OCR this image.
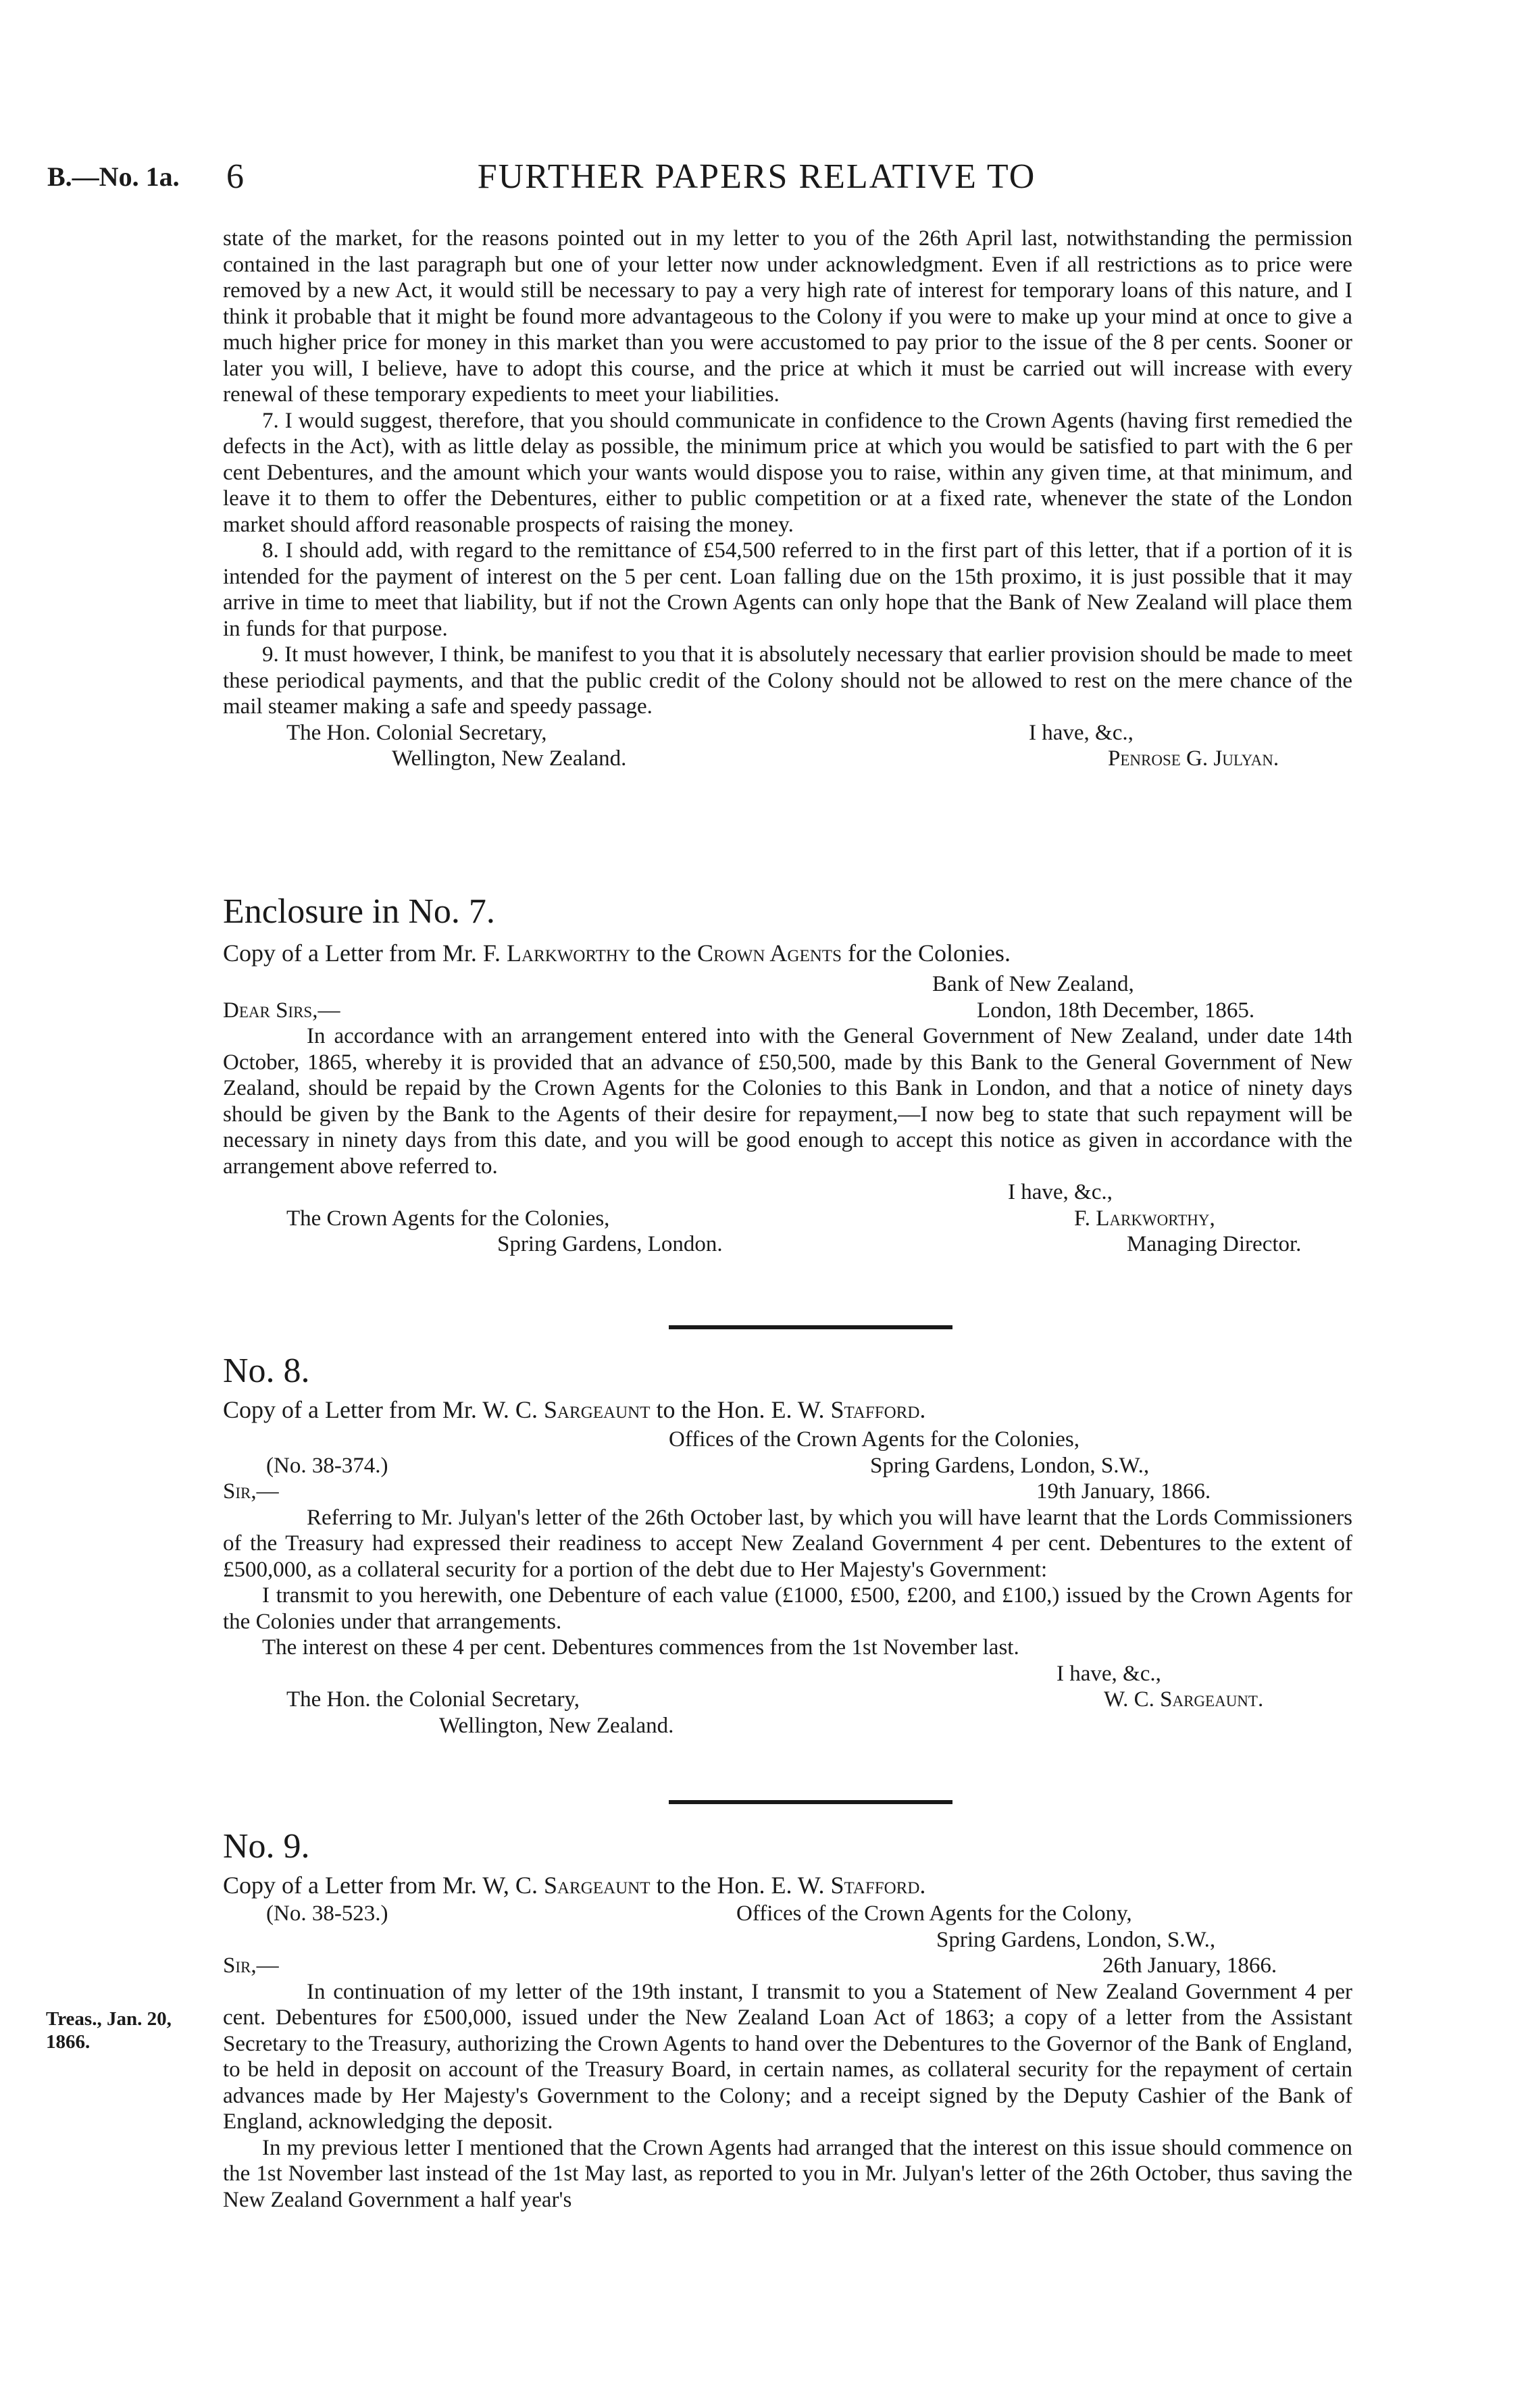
B.—No. 1a. 6	FURTHER PAPERS RELATIVE TO

state of the market, for the reasons pointed out in my letter to you of the 26th April last, notwithstanding the permission contained in the last paragraph but one of your letter now under acknowledgment. Even if all restrictions as to price were removed by a new Act, it would still be necessary to pay a very high rate of interest for temporary loans of this nature, and I think it probable that it might be found more advantageous to the Colony if you were to make up your mind at once to give a much higher price for money in this market than you were accustomed to pay prior to the issue of the 8 per cents. Sooner or later you will, I believe, have to adopt this course, and the price at which it must be carried out will increase with every renewal of these temporary expedients to meet your liabilities.

7. I would suggest, therefore, that you should communicate in confidence to the Crown Agents (having first remedied the defects in the Act), with as little delay as possible, the minimum price at which you would be satisfied to part with the 6 per cent Debentures, and the amount which your wants would dispose you to raise, within any given time, at that minimum, and leave it to them to offer the Debentures, either to public competition or at a fixed rate, whenever the state of the London market should afford reasonable prospects of raising the money.

8. I should add, with regard to the remittance of £54,500 referred to in the first part of this letter, that if a portion of it is intended for the payment of interest on the 5 per cent. Loan falling due on the 15th proximo, it is just possible that it may arrive in time to meet that liability, but if not the Crown Agents can only hope that the Bank of New Zealand will place them in funds for that purpose.

9. It must however, I think, be manifest to you that it is absolutely necessary that earlier provision should be made to meet these periodical payments, and that the public credit of the Colony should not be allowed to rest on the mere chance of the mail steamer making a safe and speedy passage.

The Hon. Colonial Secretary,	I have, &c.,
Wellington, New Zealand.	Penrose G. Julyan.

Enclosure in No. 7.

Copy of a Letter from Mr. F. Larkworthy to the Crown Agents for the Colonies.

Bank of New Zealand,
Dear Sirs,—	London, 18th December, 1865.

In accordance with an arrangement entered into with the General Government of New Zealand, under date 14th October, 1865, whereby it is provided that an advance of £50,500, made by this Bank to the General Government of New Zealand, should be repaid by the Crown Agents for the Colonies to this Bank in London, and that a notice of ninety days should be given by the Bank to the Agents of their desire for repayment,—I now beg to state that such repayment will be necessary in ninety days from this date, and you will be good enough to accept this notice as given in accordance with the arrangement above referred to.

I have, &c.,
The Crown Agents for the Colonies,	F. Larkworthy,
Spring Gardens, London.	Managing Director.

No. 8.

Copy of a Letter from Mr. W. C. Sargeaunt to the Hon. E. W. Stafford.

Offices of the Crown Agents for the Colonies,
(No. 38-374.)	Spring Gardens, London, S.W.,
Sir,—	19th January, 1866.

Referring to Mr. Julyan's letter of the 26th October last, by which you will have learnt that the Lords Commissioners of the Treasury had expressed their readiness to accept New Zealand Government 4 per cent. Debentures to the extent of £500,000, as a collateral security for a portion of the debt due to Her Majesty's Government:

I transmit to you herewith, one Debenture of each value (£1000, £500, £200, and £100,) issued by the Crown Agents for the Colonies under that arrangements.

The interest on these 4 per cent. Debentures commences from the 1st November last.

I have, &c.,
The Hon. the Colonial Secretary,	W. C. Sargeaunt.
Wellington, New Zealand.

No. 9.

Copy of a Letter from Mr. W, C. Sargeaunt to the Hon. E. W. Stafford.

(No. 38-523.)	Offices of the Crown Agents for the Colony,
Spring Gardens, London, S.W.,
Sir,—	26th January, 1866.

In continuation of my letter of the 19th instant, I transmit to you a Statement of New Zealand Government 4 per cent. Debentures for £500,000, issued under the New Zealand Loan Act of 1863; a copy of a letter from the Assistant Secretary to the Treasury, authorizing the Crown Agents to hand over the Debentures to the Governor of the Bank of England, to be held in deposit on account of the Treasury Board, in certain names, as collateral security for the repayment of certain advances made by Her Majesty's Government to the Colony; and a receipt signed by the Deputy Cashier of the Bank of England, acknowledging the deposit.

In my previous letter I mentioned that the Crown Agents had arranged that the interest on this issue should commence on the 1st November last instead of the 1st May last, as reported to you in Mr. Julyan's letter of the 26th October, thus saving the New Zealand Government a half year's

Treas., Jan. 20, 1866.
